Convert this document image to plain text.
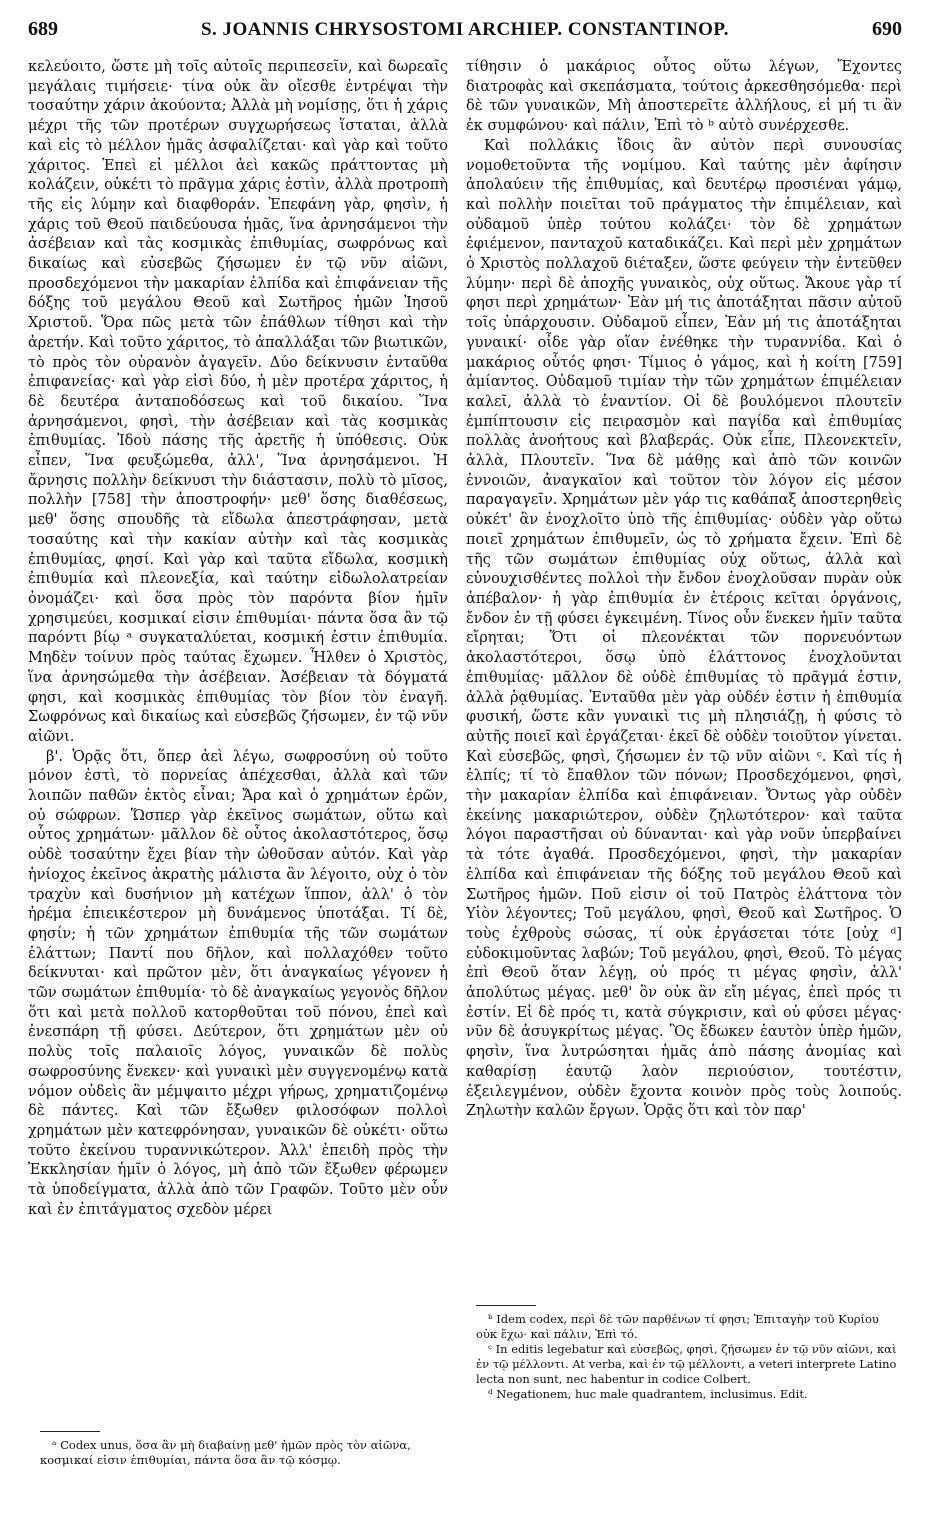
689	S. JOANNIS CHRYSOSTOMI ARCHIEP. CONSTANTINOP.	690

κελεύοιτο, ὥστε μὴ τοῖς αὐτοῖς περιπεσεῖν, καὶ δωρεαῖς μεγάλαις τιμήσειε· τίνα οὐκ ἂν οἴεσθε ἐντρέψαι τὴν τοσαύτην χάριν ἀκούοντα; Ἀλλὰ μὴ νομίσῃς, ὅτι ἡ χάρις μέχρι τῆς τῶν προτέρων συγχωρήσεως ἵσταται, ἀλλὰ καὶ εἰς τὸ μέλλον ἡμᾶς ἀσφαλίζεται· καὶ γὰρ καὶ τοῦτο χάριτος. Ἐπεὶ εἰ μέλλοι ἀεὶ κακῶς πράττοντας μὴ κολάζειν, οὐκέτι τὸ πρᾶγμα χάρις ἐστὶν, ἀλλὰ προτροπὴ τῆς εἰς λύμην καὶ διαφθοράν. Ἐπεφάνη γὰρ, φησὶν, ἡ χάρις τοῦ Θεοῦ παιδεύουσα ἡμᾶς, ἵνα ἀρνησάμενοι τὴν ἀσέβειαν καὶ τὰς κοσμικὰς ἐπιθυμίας, σωφρόνως καὶ δικαίως καὶ εὐσεβῶς ζήσωμεν ἐν τῷ νῦν αἰῶνι, προσδεχόμενοι τὴν μακαρίαν ἐλπίδα καὶ ἐπιφάνειαν τῆς δόξης τοῦ μεγάλου Θεοῦ καὶ Σωτῆρος ἡμῶν Ἰησοῦ Χριστοῦ. Ὅρα πῶς μετὰ τῶν ἐπάθλων τίθησι καὶ τὴν ἀρετήν. Καὶ τοῦτο χάριτος, τὸ ἀπαλλάξαι τῶν βιωτικῶν, τὸ πρὸς τὸν οὐρανὸν ἀγαγεῖν. Δύο δείκνυσιν ἐνταῦθα ἐπιφανείας· καὶ γὰρ εἰσὶ δύο, ἡ μὲν προτέρα χάριτος, ἡ δὲ δευτέρα ἀνταποδόσεως καὶ τοῦ δικαίου. Ἵνα ἀρνησάμενοι, φησὶ, τὴν ἀσέβειαν καὶ τὰς κοσμικὰς ἐπιθυμίας. Ἰδοὺ πάσης τῆς ἀρετῆς ἡ ὑπόθεσις. Οὐκ εἶπεν, Ἵνα φευξώμεθα, ἀλλ', Ἵνα ἀρνησάμενοι. Ἡ ἄρνησις πολλὴν δείκνυσι τὴν διάστασιν, πολὺ τὸ μῖσος, πολλὴν [758] τὴν ἀποστροφήν· μεθ' ὅσης διαθέσεως, μεθ' ὅσης σπουδῆς τὰ εἴδωλα ἀπεστράφησαν, μετὰ τοσαύτης καὶ τὴν κακίαν αὐτὴν καὶ τὰς κοσμικὰς ἐπιθυμίας, φησί. Καὶ γὰρ καὶ ταῦτα εἴδωλα, κοσμικὴ ἐπιθυμία καὶ πλεονεξία, καὶ ταύτην εἰδωλολατρείαν ὀνομάζει· καὶ ὅσα πρὸς τὸν παρόντα βίον ἡμῖν χρησιμεύει, κοσμικαί εἰσιν ἐπιθυμίαι· πάντα ὅσα ἂν τῷ παρόντι βίῳ ᵃ συγκαταλύεται, κοσμική ἐστιν ἐπιθυμία. Μηδὲν τοίνυν πρὸς ταύτας ἔχωμεν. Ἦλθεν ὁ Χριστὸς, ἵνα ἀρνησώμεθα τὴν ἀσέβειαν. Ἀσέβειαν τὰ δόγματά φησι, καὶ κοσμικὰς ἐπιθυμίας τὸν βίον τὸν ἐναγῆ. Σωφρόνως καὶ δικαίως καὶ εὐσεβῶς ζήσωμεν, ἐν τῷ νῦν αἰῶνι.

β'. Ὁρᾷς ὅτι, ὅπερ ἀεὶ λέγω, σωφροσύνη οὐ τοῦτο μόνον ἐστὶ, τὸ πορνείας ἀπέχεσθαι, ἀλλὰ καὶ τῶν λοιπῶν παθῶν ἐκτὸς εἶναι; Ἄρα καὶ ὁ χρημάτων ἐρῶν, οὐ σώφρων. Ὥσπερ γὰρ ἐκεῖνος σωμάτων, οὕτω καὶ οὗτος χρημάτων· μᾶλλον δὲ οὗτος ἀκολαστότερος, ὅσῳ οὐδὲ τοσαύτην ἔχει βίαν τὴν ὠθοῦσαν αὐτόν. Καὶ γὰρ ἡνίοχος ἐκεῖνος ἀκρατὴς μάλιστα ἂν λέγοιτο, οὐχ ὁ τὸν τραχὺν καὶ δυσήνιον μὴ κατέχων ἵππον, ἀλλ' ὁ τὸν ἠρέμα ἐπιεικέστερον μὴ δυνάμενος ὑποτάξαι. Τί δὲ, φησίν; ἡ τῶν χρημάτων ἐπιθυμία τῆς τῶν σωμάτων ἐλάττων; Παντί που δῆλον, καὶ πολλαχόθεν τοῦτο δείκνυται· καὶ πρῶτον μὲν, ὅτι ἀναγκαίως γέγονεν ἡ τῶν σωμάτων ἐπιθυμία· τὸ δὲ ἀναγκαίως γεγονὸς δῆλον ὅτι καὶ μετὰ πολλοῦ κατορθοῦται τοῦ πόνου, ἐπεὶ καὶ ἐνεσπάρη τῇ φύσει. Δεύτερον, ὅτι χρημάτων μὲν οὐ πολὺς τοῖς παλαιοῖς λόγος, γυναικῶν δὲ πολὺς σωφροσύνης ἕνεκεν· καὶ γυναικὶ μὲν συγγενομένῳ κατὰ νόμον οὐδεὶς ἂν μέμψαιτο μέχρι γήρως, χρηματιζομένῳ δὲ πάντες. Καὶ τῶν ἔξωθεν φιλοσόφων πολλοὶ χρημάτων μὲν κατεφρόνησαν, γυναικῶν δὲ οὐκέτι· οὕτω τοῦτο ἐκείνου τυραννικώτερον. Ἀλλ' ἐπειδὴ πρὸς τὴν Ἐκκλησίαν ἡμῖν ὁ λόγος, μὴ ἀπὸ τῶν ἔξωθεν φέρωμεν τὰ ὑποδείγματα, ἀλλὰ ἀπὸ τῶν Γραφῶν. Τοῦτο μὲν οὖν καὶ ἐν ἐπιτάγματος σχεδὸν μέρει

τίθησιν ὁ μακάριος οὗτος οὕτω λέγων, Ἔχοντες διατροφὰς καὶ σκεπάσματα, τούτοις ἀρκεσθησόμεθα· περὶ δὲ τῶν γυναικῶν, Μὴ ἀποστερεῖτε ἀλλήλους, εἰ μή τι ἂν ἐκ συμφώνου· καὶ πάλιν, Ἐπὶ τὸ ᵇ αὐτὸ συνέρχεσθε.

Καὶ πολλάκις ἴδοις ἂν αὐτὸν περὶ συνουσίας νομοθετοῦντα τῆς νομίμου. Καὶ ταύτης μὲν ἀφίησιν ἀπολαύειν τῆς ἐπιθυμίας, καὶ δευτέρῳ προσιέναι γάμῳ, καὶ πολλὴν ποιεῖται τοῦ πράγματος τὴν ἐπιμέλειαν, καὶ οὐδαμοῦ ὑπὲρ τούτου κολάζει· τὸν δὲ χρημάτων ἐφιέμενον, πανταχοῦ καταδικάζει. Καὶ περὶ μὲν χρημάτων ὁ Χριστὸς πολλαχοῦ διέταξεν, ὥστε φεύγειν τὴν ἐντεῦθεν λύμην· περὶ δὲ ἀποχῆς γυναικὸς, οὐχ οὕτως. Ἄκουε γὰρ τί φησι περὶ χρημάτων· Ἐὰν μή τις ἀποτάξηται πᾶσιν αὐτοῦ τοῖς ὑπάρχουσιν. Οὐδαμοῦ εἶπεν, Ἐὰν μή τις ἀποτάξηται γυναικί· οἶδε γὰρ οἵαν ἐνέθηκε τὴν τυραννίδα. Καὶ ὁ μακάριος οὗτός φησι· Τίμιος ὁ γάμος, καὶ ἡ κοίτη [759] ἀμίαντος. Οὐδαμοῦ τιμίαν τὴν τῶν χρημάτων ἐπιμέλειαν καλεῖ, ἀλλὰ τὸ ἐναντίον. Οἱ δὲ βουλόμενοι πλουτεῖν ἐμπίπτουσιν εἰς πειρασμὸν καὶ παγίδα καὶ ἐπιθυμίας πολλὰς ἀνοήτους καὶ βλαβεράς. Οὐκ εἶπε, Πλεονεκτεῖν, ἀλλὰ, Πλουτεῖν. Ἵνα δὲ μάθῃς καὶ ἀπὸ τῶν κοινῶν ἐννοιῶν, ἀναγκαῖον καὶ τοῦτον τὸν λόγον εἰς μέσον παραγαγεῖν. Χρημάτων μὲν γάρ τις καθάπαξ ἀποστερηθεὶς οὐκέτ' ἂν ἐνοχλοῖτο ὑπὸ τῆς ἐπιθυμίας· οὐδὲν γὰρ οὕτω ποιεῖ χρημάτων ἐπιθυμεῖν, ὡς τὸ χρήματα ἔχειν. Ἐπὶ δὲ τῆς τῶν σωμάτων ἐπιθυμίας οὐχ οὕτως, ἀλλὰ καὶ εὐνουχισθέντες πολλοὶ τὴν ἔνδον ἐνοχλοῦσαν πυρὰν οὐκ ἀπέβαλον· ἡ γὰρ ἐπιθυμία ἐν ἑτέροις κεῖται ὀργάνοις, ἔνδον ἐν τῇ φύσει ἐγκειμένη. Τίνος οὖν ἕνεκεν ἡμῖν ταῦτα εἴρηται; Ὅτι οἱ πλεονέκται τῶν πορνευόντων ἀκολαστότεροι, ὅσῳ ὑπὸ ἐλάττονος ἐνοχλοῦνται ἐπιθυμίας· μᾶλλον δὲ οὐδὲ ἐπιθυμίας τὸ πρᾶγμά ἐστιν, ἀλλὰ ῥᾳθυμίας. Ἐνταῦθα μὲν γὰρ οὐδέν ἐστιν ἡ ἐπιθυμία φυσική, ὥστε κἂν γυναικὶ τις μὴ πλησιάζῃ, ἡ φύσις τὸ αὐτῆς ποιεῖ καὶ ἐργάζεται· ἐκεῖ δὲ οὐδὲν τοιοῦτον γίνεται. Καὶ εὐσεβῶς, φησὶ, ζήσωμεν ἐν τῷ νῦν αἰῶνι ᶜ. Καὶ τίς ἡ ἐλπίς; τί τὸ ἔπαθλον τῶν πόνων; Προσδεχόμενοι, φησὶ, τὴν μακαρίαν ἐλπίδα καὶ ἐπιφάνειαν. Ὄντως γὰρ οὐδὲν ἐκείνης μακαριώτερον, οὐδὲν ζηλωτότερον· καὶ ταῦτα λόγοι παραστῆσαι οὐ δύνανται· καὶ γὰρ νοῦν ὑπερβαίνει τὰ τότε ἀγαθά. Προσδεχόμενοι, φησὶ, τὴν μακαρίαν ἐλπίδα καὶ ἐπιφάνειαν τῆς δόξης τοῦ μεγάλου Θεοῦ καὶ Σωτῆρος ἡμῶν. Ποῦ εἰσιν οἱ τοῦ Πατρὸς ἐλάττονα τὸν Υἱὸν λέγοντες; Τοῦ μεγάλου, φησὶ, Θεοῦ καὶ Σωτῆρος. Ὁ τοὺς ἐχθροὺς σώσας, τί οὐκ ἐργάσεται τότε [οὐχ ᵈ] εὐδοκιμοῦντας λαβών; Τοῦ μεγάλου, φησὶ, Θεοῦ. Τὸ μέγας ἐπὶ Θεοῦ ὅταν λέγῃ, οὐ πρός τι μέγας φησὶν, ἀλλ' ἀπολύτως μέγας. μεθ' ὃν οὐκ ἂν εἴη μέγας, ἐπεὶ πρός τι ἐστίν. Εἰ δὲ πρός τι, κατὰ σύγκρισιν, καὶ οὐ φύσει μέγας· νῦν δὲ ἀσυγκρίτως μέγας. Ὃς ἔδωκεν ἑαυτὸν ὑπὲρ ἡμῶν, φησὶν, ἵνα λυτρώσηται ἡμᾶς ἀπὸ πάσης ἀνομίας καὶ καθαρίσῃ ἑαυτῷ λαὸν περιούσιον, τουτέστιν, ἐξειλεγμένον, οὐδὲν ἔχοντα κοινὸν πρὸς τοὺς λοιπούς. Ζηλωτὴν καλῶν ἔργων. Ὁρᾷς ὅτι καὶ τὸν παρ'

ᵃ Codex unus, ὅσα ἂν μὴ διαβαίνῃ μεθ' ἡμῶν πρὸς τὸν αἰῶνα, κοσμικαί εἰσιν ἐπιθυμίαι, πάντα ὅσα ἂν τῷ κόσμῳ.

ᵇ Idem codex, περὶ δὲ τῶν παρθένων τί φησι; Ἐπιταγὴν τοῦ Κυρίου οὐκ ἔχω· καὶ πάλιν, Ἐπὶ τό.

ᶜ In editis legebatur καὶ εὐσεβῶς, φησὶ, ζήσωμεν ἐν τῷ νῦν αἰῶνι, καὶ ἐν τῷ μέλλοντι. At verba, καὶ ἐν τῷ μέλλοντι, a veteri interprete Latino lecta non sunt, nec habentur in codice Colbert.

ᵈ Negationem, huc male quadrantem, inclusimus. Edit.
